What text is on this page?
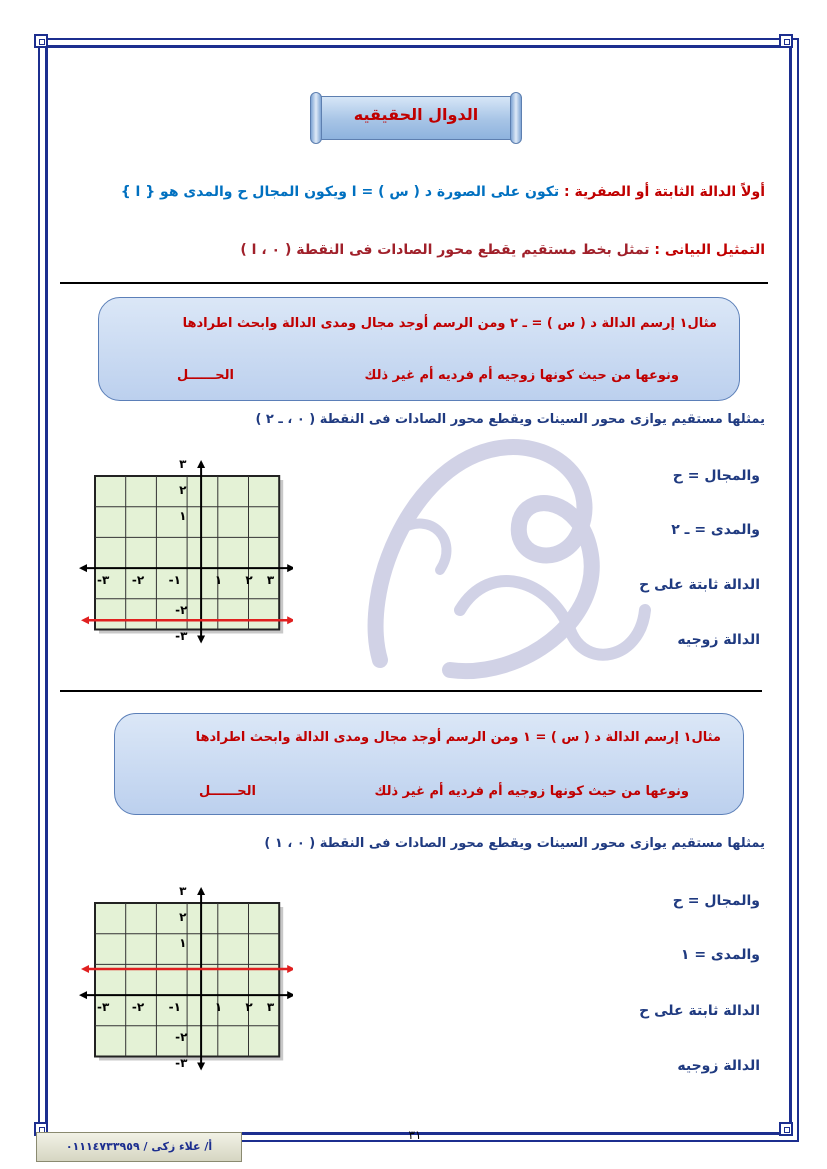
الدوال الحقيقيه
أولاً الدالة الثابتة أو الصفرية : تكون على الصورة د ( س ) = ا ويكون المجال ح والمدى هو { ا }
التمثيل البيانى : تمثل بخط مستقيم يقطع محور الصادات فى النقطة ( ٠ ، ا )
مثال١ إرسم الدالة د ( س ) = ـ ٢ ومن الرسم أوجد مجال ومدى الدالة وابحث اطرادها
ونوعها من حيث كونها زوجيه أم فرديه أم غير ذلك
الحــــــل
يمثلها مستقيم يوازى محور السينات ويقطع محور الصادات فى النقطة ( ٠ ، ـ ٢ )
-٣ -٢ -١	١ ٢ ٣
٣
٢
١
-٢
-٣
والمجال = ح
والمدى = ـ ٢
الدالة ثابتة على ح
الدالة زوجيه
مثال١ إرسم الدالة د ( س ) = ١ ومن الرسم أوجد مجال ومدى الدالة وابحث اطرادها
ونوعها من حيث كونها زوجيه أم فرديه أم غير ذلك
الحــــــل
يمثلها مستقيم يوازى محور السينات ويقطع محور الصادات فى النقطة ( ٠ ، ١ )
-٣ -٢ -١	١ ٢ ٣
٣
٢
١
-٢
-٣
والمجال = ح
والمدى = ١
الدالة ثابتة على ح
الدالة زوجيه
أ/ علاء زكى / ٠١١١٤٧٣٣٩٥٩
٣١
